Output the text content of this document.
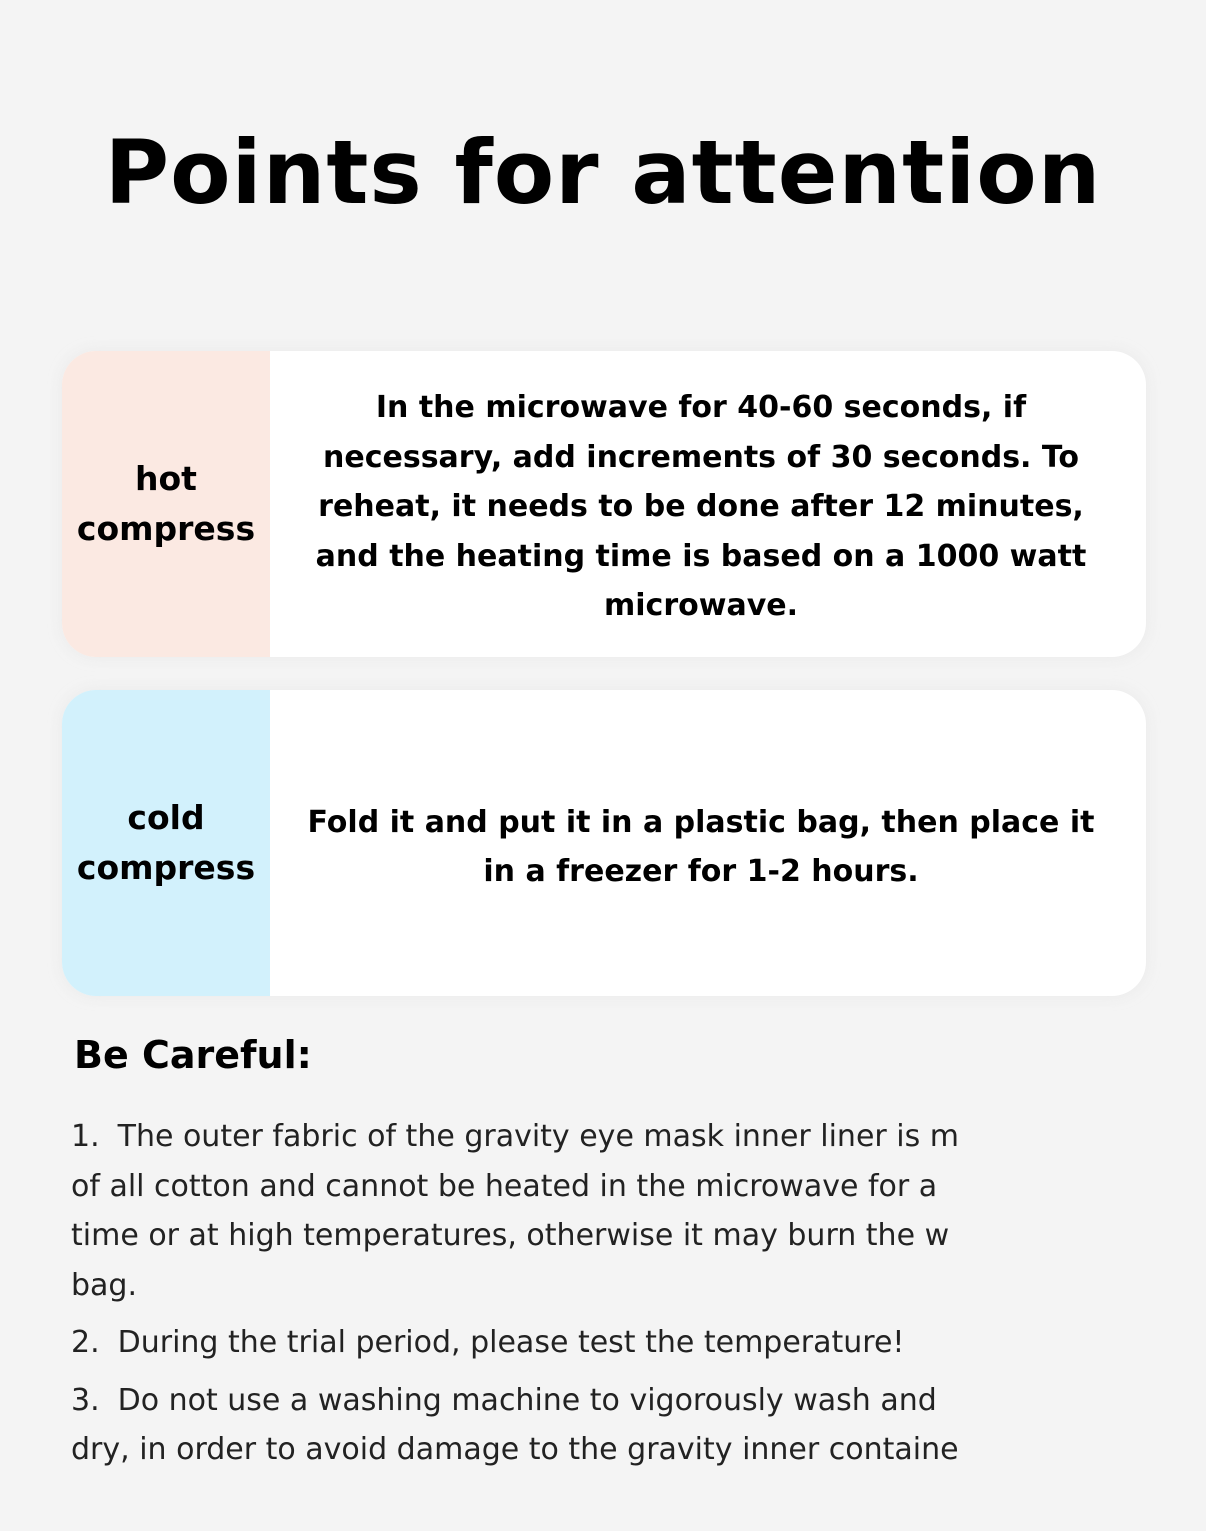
Points for attention
hot
compress
In the microwave for 40-60 seconds, if necessary, add increments of 30 seconds. To reheat, it needs to be done after 12 minutes, and the heating time is based on a 1000 watt microwave.
cold
compress
Fold it and put it in a plastic bag, then place it in a freezer for 1-2 hours.
Be Careful:
1. The outer fabric of the gravity eye mask inner liner is m
of all cotton and cannot be heated in the microwave for a
time or at high temperatures, otherwise it may burn the w
bag.
2. During the trial period, please test the temperature!
3. Do not use a washing machine to vigorously wash and
dry, in order to avoid damage to the gravity inner containe
